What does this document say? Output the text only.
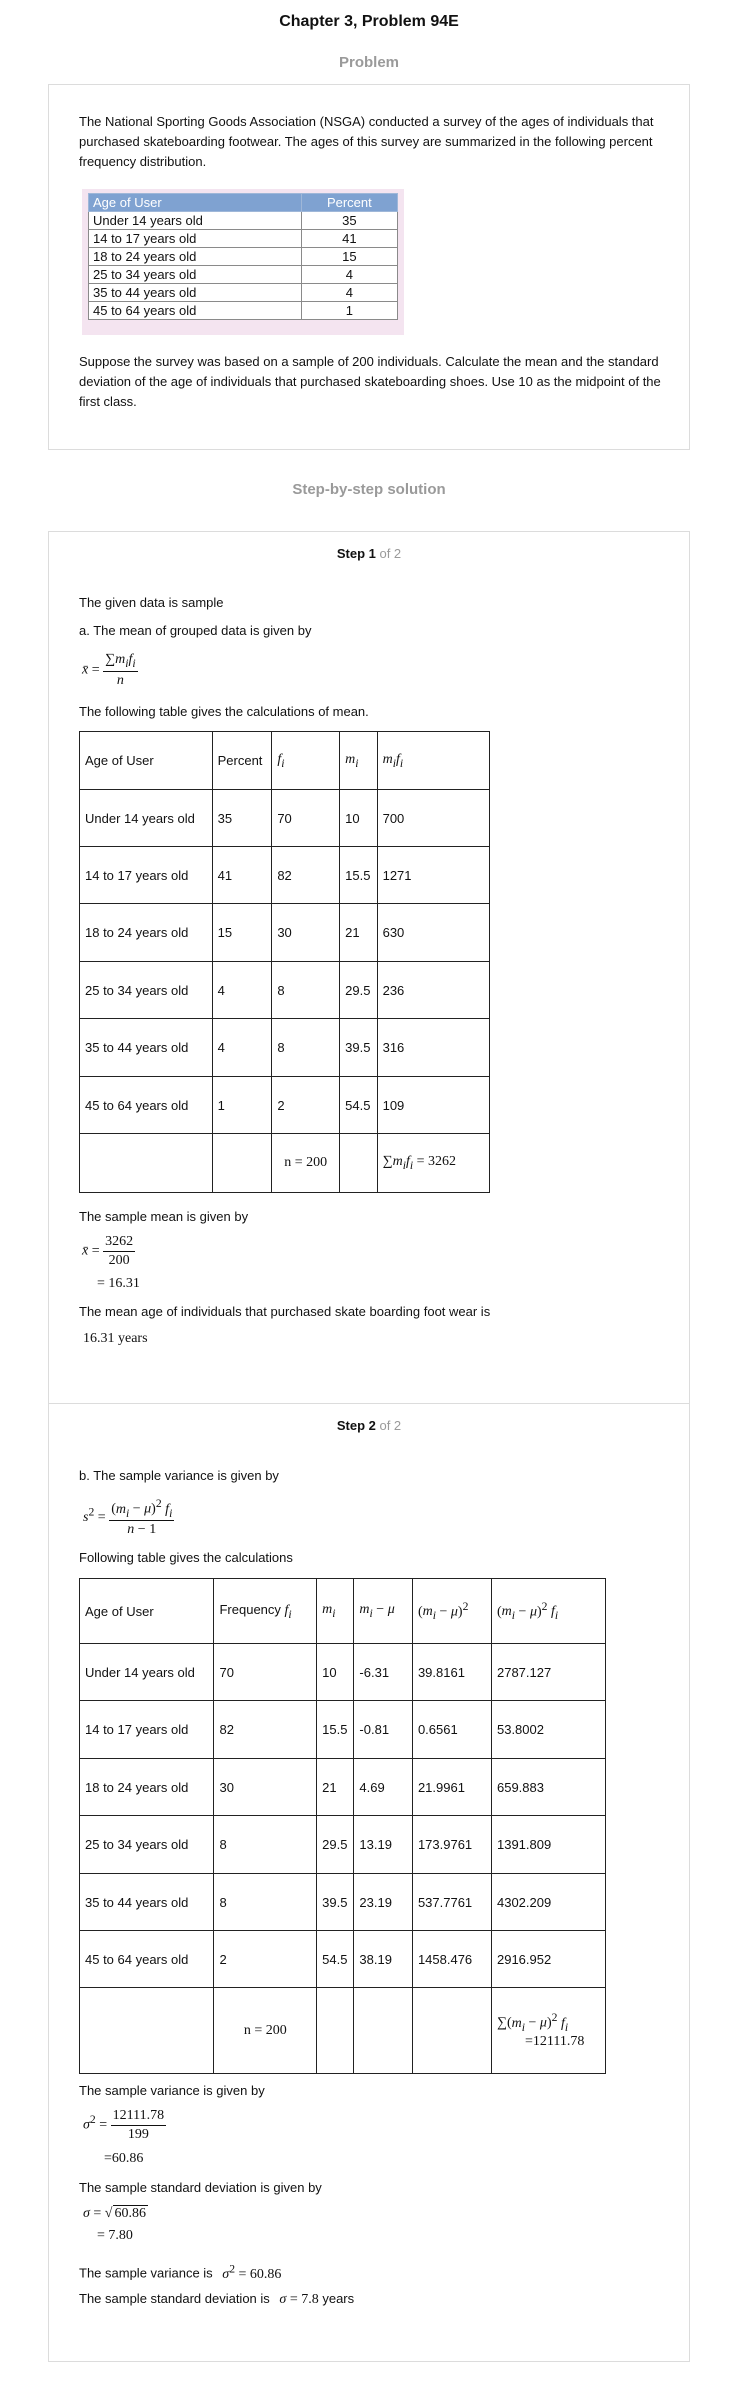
Chapter 3, Problem 94E
Problem
The National Sporting Goods Association (NSGA) conducted a survey of the ages of individuals that purchased skateboarding footwear. The ages of this survey are summarized in the following percent frequency distribution.
Age of User	Percent
Under 14 years old	35
14 to 17 years old	41
18 to 24 years old	15
25 to 34 years old	4
35 to 44 years old	4
45 to 64 years old	1
Suppose the survey was based on a sample of 200 individuals. Calculate the mean and the standard deviation of the age of individuals that purchased skateboarding shoes. Use 10 as the midpoint of the first class.
Step-by-step solution
Step 1 of 2
The given data is sample
a. The mean of grouped data is given by
x̄ = $\frac{\sum m_if_i}{n}$
The following table gives the calculations of mean.
Age of User	Percent	$f_i$	$m_i$	$m_if_i$
Under 14 years old	35	70	10	700
14 to 17 years old	41	82	15.5	1271
18 to 24 years old	15	30	21	630
25 to 34 years old	4	8	29.5	236
35 to 44 years old	4	8	39.5	316
45 to 64 years old	1	2	54.5	109
		n = 200		$\sum m_if_i = 3262$
The sample mean is given by
x̄ = $\frac{3262}{200}$
= 16.31
The mean age of individuals that purchased skate boarding foot wear is
16.31 years
Step 2 of 2
b. The sample variance is given by
$s^2 = \frac{(m_i - \mu)^2 f_i}{n - 1}$
Following table gives the calculations
Age of User	Frequency $f_i$	$m_i$	$m_i - \mu$	$(m_i - \mu)^2$	$(m_i - \mu)^2$ $f_i$
Under 14 years old	70	10	-6.31	39.8161	2787.127
14 to 17 years old	82	15.5	-0.81	0.6561	53.8002
18 to 24 years old	30	21	4.69	21.9961	659.883
25 to 34 years old	8	29.5	13.19	173.9761	1391.809
35 to 44 years old	8	39.5	23.19	537.7761	4302.209
45 to 64 years old	2	54.5	38.19	1458.476	2916.952
	n = 200				$\sum(m_i - \mu)^2$ $f_i$
=12111.78
The sample variance is given by
$\sigma^2 = \frac{12111.78}{199}$
=60.86
The sample standard deviation is given by
σ = √ 60.86
= 7.80
The sample variance is $\sigma^2 = 60.86$
The sample standard deviation is σ = 7.8 years
